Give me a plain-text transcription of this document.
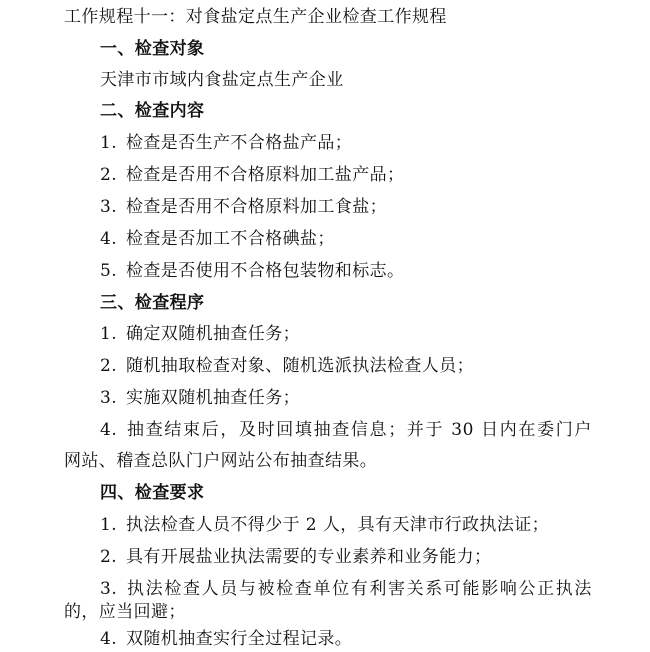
工作规程十一：对食盐定点生产企业检查工作规程
一、检查对象
天津市市域内食盐定点生产企业
二、检查内容
1. 检查是否生产不合格盐产品；
2. 检查是否用不合格原料加工盐产品；
3. 检查是否用不合格原料加工食盐；
4. 检查是否加工不合格碘盐；
5. 检查是否使用不合格包装物和标志。
三、检查程序
1. 确定双随机抽查任务；
2. 随机抽取检查对象、随机选派执法检查人员；
3. 实施双随机抽查任务；
4. 抽查结束后，及时回填抽查信息；并于 30 日内在委门户
网站、稽查总队门户网站公布抽查结果。
四、检查要求
1. 执法检查人员不得少于 2 人，具有天津市行政执法证；
2. 具有开展盐业执法需要的专业素养和业务能力；
3. 执法检查人员与被检查单位有利害关系可能影响公正执法
的，应当回避；
4. 双随机抽查实行全过程记录。
